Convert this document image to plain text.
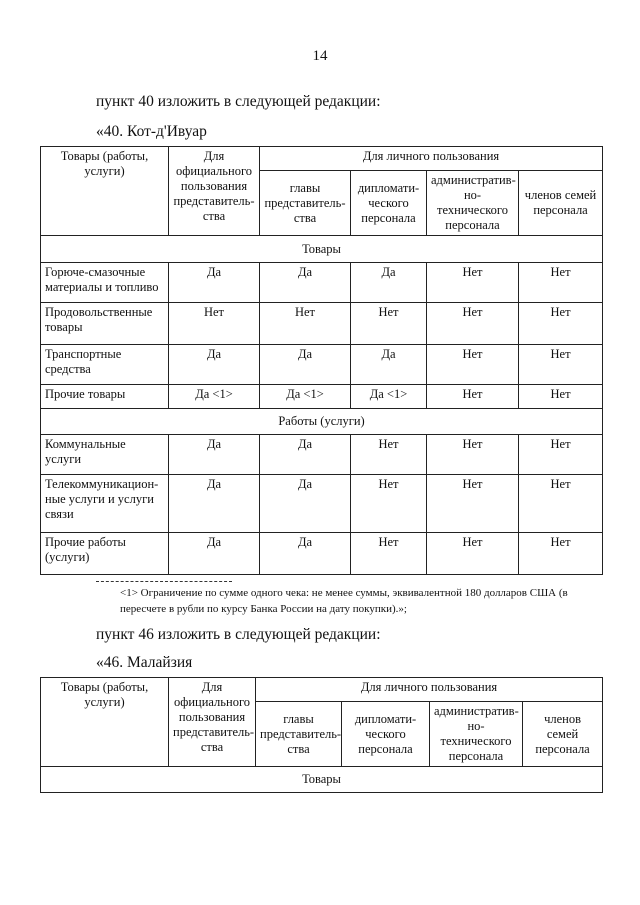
14
пункт 40 изложить в следующей редакции:
«40. Кот-д'Ивуар
Товары (работы, услуги)	Для официального пользования представитель-ства	Для личного пользования			
		главы представитель-ства	дипломати-ческого персонала	административ-но-технического персонала	членов семей персонала
Товары					
Горюче-смазочные материалы и топливо	Да	Да	Да	Нет	Нет
Продовольственные товары	Нет	Нет	Нет	Нет	Нет
Транспортные средства	Да	Да	Да	Нет	Нет
Прочие товары	Да <1>	Да <1>	Да <1>	Нет	Нет
Работы (услуги)					
Коммунальные услуги	Да	Да	Нет	Нет	Нет
Телекоммуникацион-ные услуги и услуги связи	Да	Да	Нет	Нет	Нет
Прочие работы (услуги)	Да	Да	Нет	Нет	Нет
<1> Ограничение по сумме одного чека: не менее суммы, эквивалентной 180 долларов США (в пересчете в рубли по курсу Банка России на дату покупки).»;
пункт 46 изложить в следующей редакции:
«46. Малайзия
Товары (работы, услуги)	Для официального пользования представитель-ства	Для личного пользования			
		главы представитель-ства	дипломати-ческого персонала	административ-но-технического персонала	членов семей персонала
Товары					
